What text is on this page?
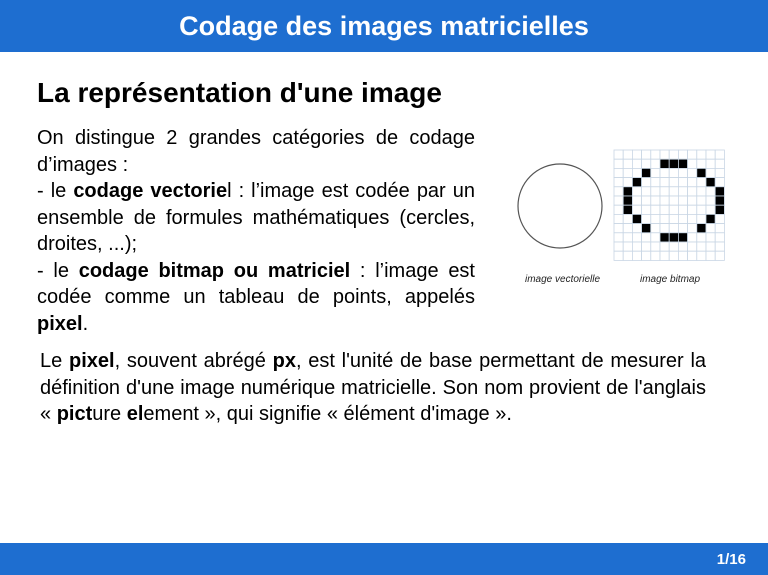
Codage des images matricielles
La représentation d'une image

On distingue 2 grandes catégories de codage d’images :

- le codage vectoriel : l’image est codée par un ensemble de formules mathématiques (cercles, droites, ...);

- le codage bitmap ou matriciel : l’image est codée comme un tableau de points, appelés pixel.

image vectorielle	image bitmap

Le pixel, souvent abrégé px, est l'unité de base permettant de mesurer la définition d'une image numérique matricielle. Son nom provient de l'anglais « picture element », qui signifie « élément d'image ».

1/16
